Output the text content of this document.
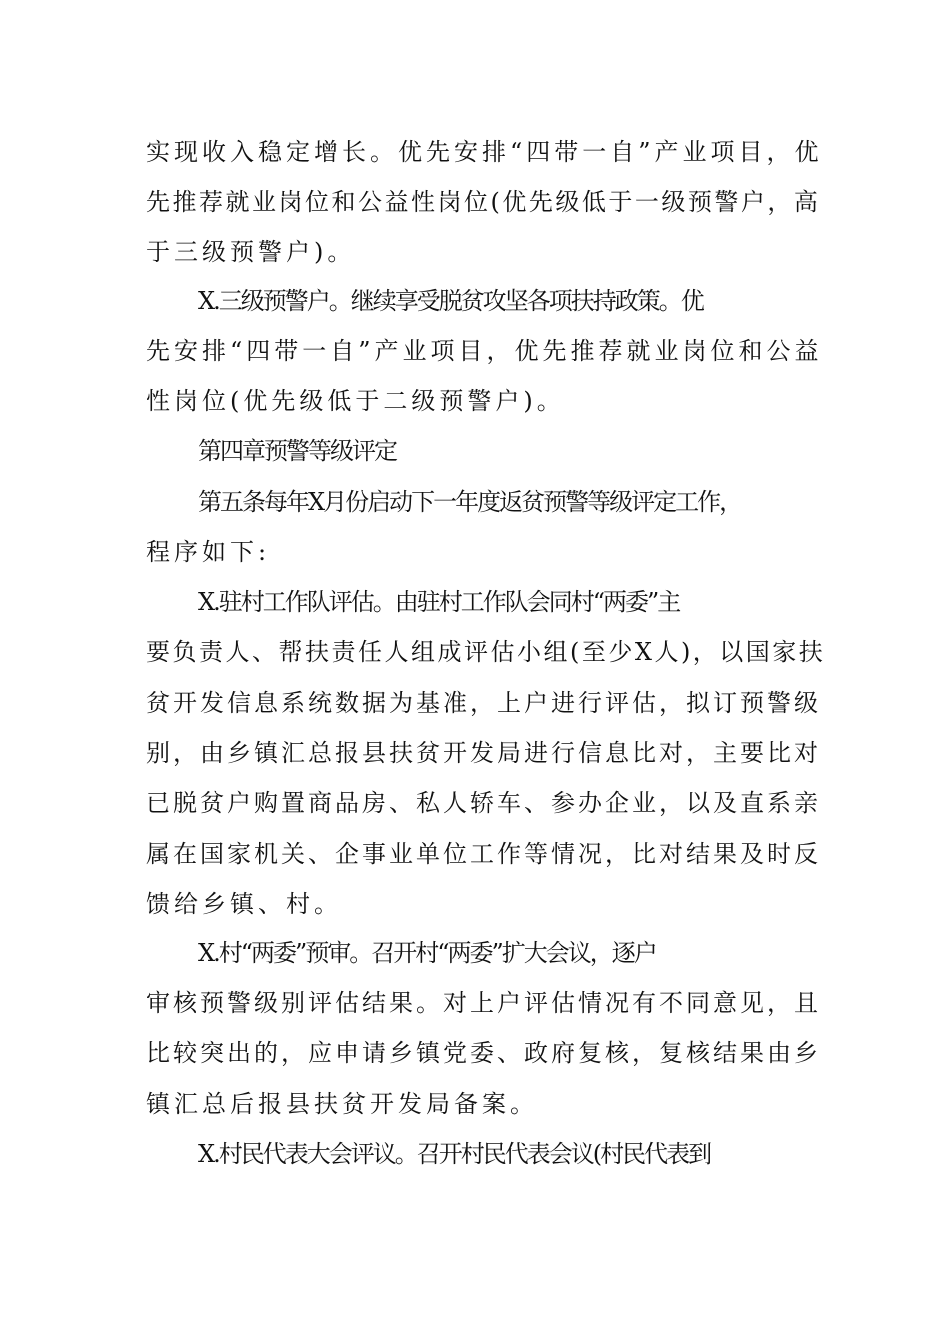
实现收入稳定增长。优先安排“四带一自”产业项目，优

先推荐就业岗位和公益性岗位(优先级低于一级预警户，高

于三级预警户)。

X.三级预警户。继续享受脱贫攻坚各项扶持政策。优

先安排“四带一自”产业项目，优先推荐就业岗位和公益

性岗位(优先级低于二级预警户)。

第四章预警等级评定

第五条每年X月份启动下一年度返贫预警等级评定工作，

程序如下:

X.驻村工作队评估。由驻村工作队会同村“两委”主

要负责人、帮扶责任人组成评估小组(至少X人)，以国家扶

贫开发信息系统数据为基准，上户进行评估，拟订预警级

别，由乡镇汇总报县扶贫开发局进行信息比对，主要比对

已脱贫户购置商品房、私人轿车、参办企业，以及直系亲

属在国家机关、企事业单位工作等情况，比对结果及时反

馈给乡镇、村。

X.村“两委”预审。召开村“两委”扩大会议，逐户

审核预警级别评估结果。对上户评估情况有不同意见，且

比较突出的，应申请乡镇党委、政府复核，复核结果由乡

镇汇总后报县扶贫开发局备案。

X.村民代表大会评议。召开村民代表会议(村民代表到
